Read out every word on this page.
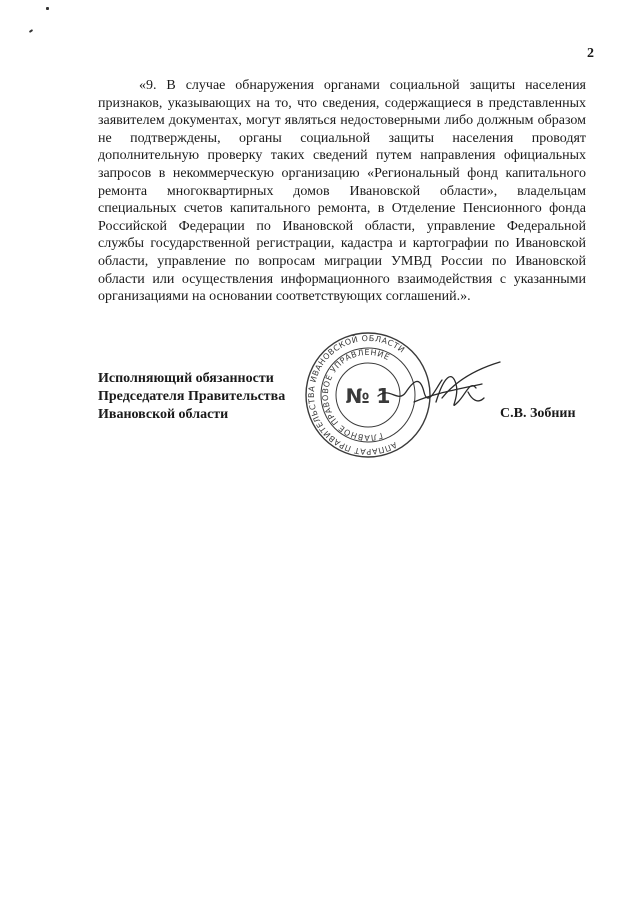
2

«9. В случае обнаружения органами социальной защиты населения признаков, указывающих на то, что сведения, содержащиеся в представленных заявителем документах, могут являться недостоверными либо должным образом не подтверждены, органы социальной защиты населения проводят дополнительную проверку таких сведений путем направления официальных запросов в некоммерческую организацию «Региональный фонд капитального ремонта многоквартирных домов Ивановской области», владельцам специальных счетов капитального ремонта, в Отделение Пенсионного фонда Российской Федерации по Ивановской области, управление Федеральной службы государственной регистрации, кадастра и картографии по Ивановской области, управление по вопросам миграции УМВД России по Ивановской области или осуществления информационного взаимодействия с указанными организациями на основании соответствующих соглашений.».

Исполняющий обязанности
Председателя Правительства
Ивановской области
АППАРАТ ПРАВИТЕЛЬСТВА ИВАНОВСКОЙ ОБЛАСТИ
ГЛАВНОЕ ПРАВОВОЕ УПРАВЛЕНИЕ
№ 1
С.В. Зобнин
